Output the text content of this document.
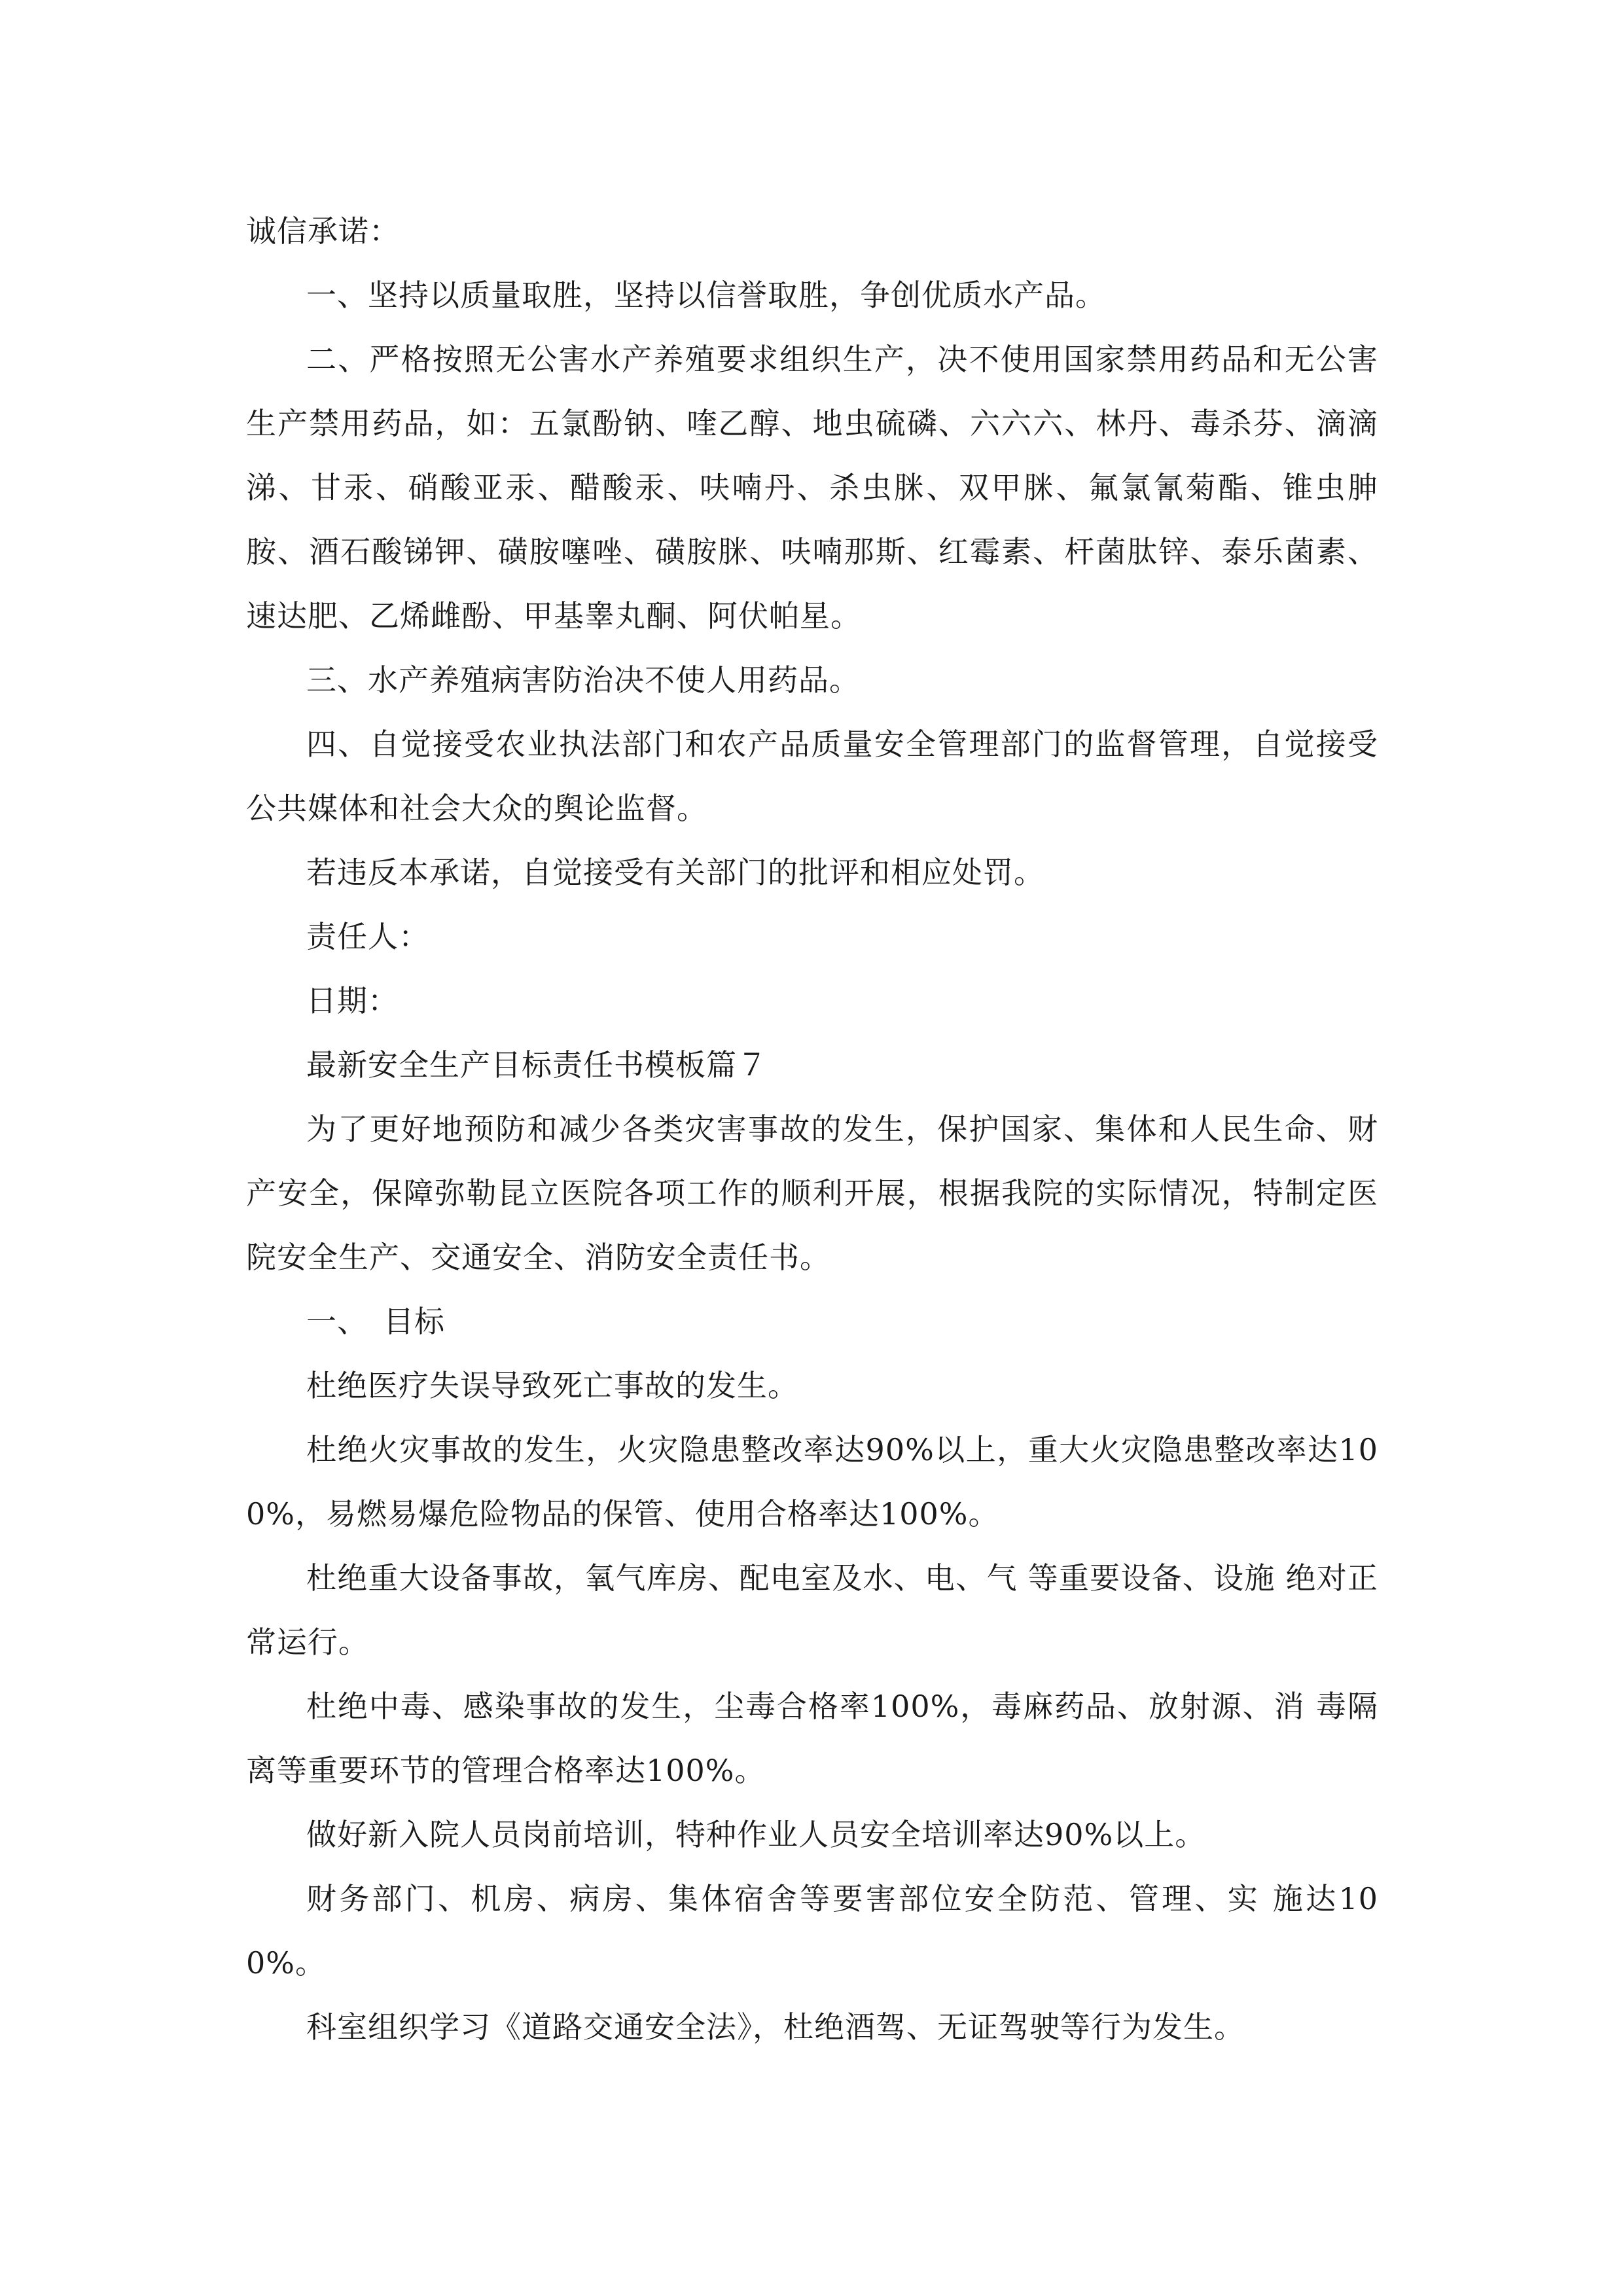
诚信承诺：

一、坚持以质量取胜，坚持以信誉取胜，争创优质水产品。

二、严格按照无公害水产养殖要求组织生产，决不使用国家禁用药品和无公害生产禁用药品，如：五氯酚钠、喹乙醇、地虫硫磷、六六六、林丹、毒杀芬、滴滴涕、甘汞、硝酸亚汞、醋酸汞、呋喃丹、杀虫脒、双甲脒、氟氯氰菊酯、锥虫胂胺、酒石酸锑钾、磺胺噻唑、磺胺脒、呋喃那斯、红霉素、杆菌肽锌、泰乐菌素、速达肥、乙烯雌酚、甲基睾丸酮、阿伏帕星。

三、水产养殖病害防治决不使人用药品。

四、自觉接受农业执法部门和农产品质量安全管理部门的监督管理，自觉接受公共媒体和社会大众的舆论监督。

若违反本承诺，自觉接受有关部门的批评和相应处罚。

责任人：

日期：

最新安全生产目标责任书模板篇７

为了更好地预防和减少各类灾害事故的发生，保护国家、集体和人民生命、财产安全，保障弥勒昆立医院各项工作的顺利开展，根据我院的实际情况，特制定医院安全生产、交通安全、消防安全责任书。

一、　目标

杜绝医疗失误导致死亡事故的发生。

杜绝火灾事故的发生，火灾隐患整改率达90%以上，重大火灾隐患整改率达100%，易燃易爆危险物品的保管、使用合格率达100%。

杜绝重大设备事故，氧气库房、配电室及水、电、气 等重要设备、设施 绝对正常运行。

杜绝中毒、感染事故的发生，尘毒合格率100%，毒麻药品、放射源、消 毒隔离等重要环节的管理合格率达100%。

做好新入院人员岗前培训，特种作业人员安全培训率达90%以上。

财务部门、机房、病房、集体宿舍等要害部位安全防范、管理、实 施达100%。

科室组织学习《道路交通安全法》，杜绝酒驾、无证驾驶等行为发生。
